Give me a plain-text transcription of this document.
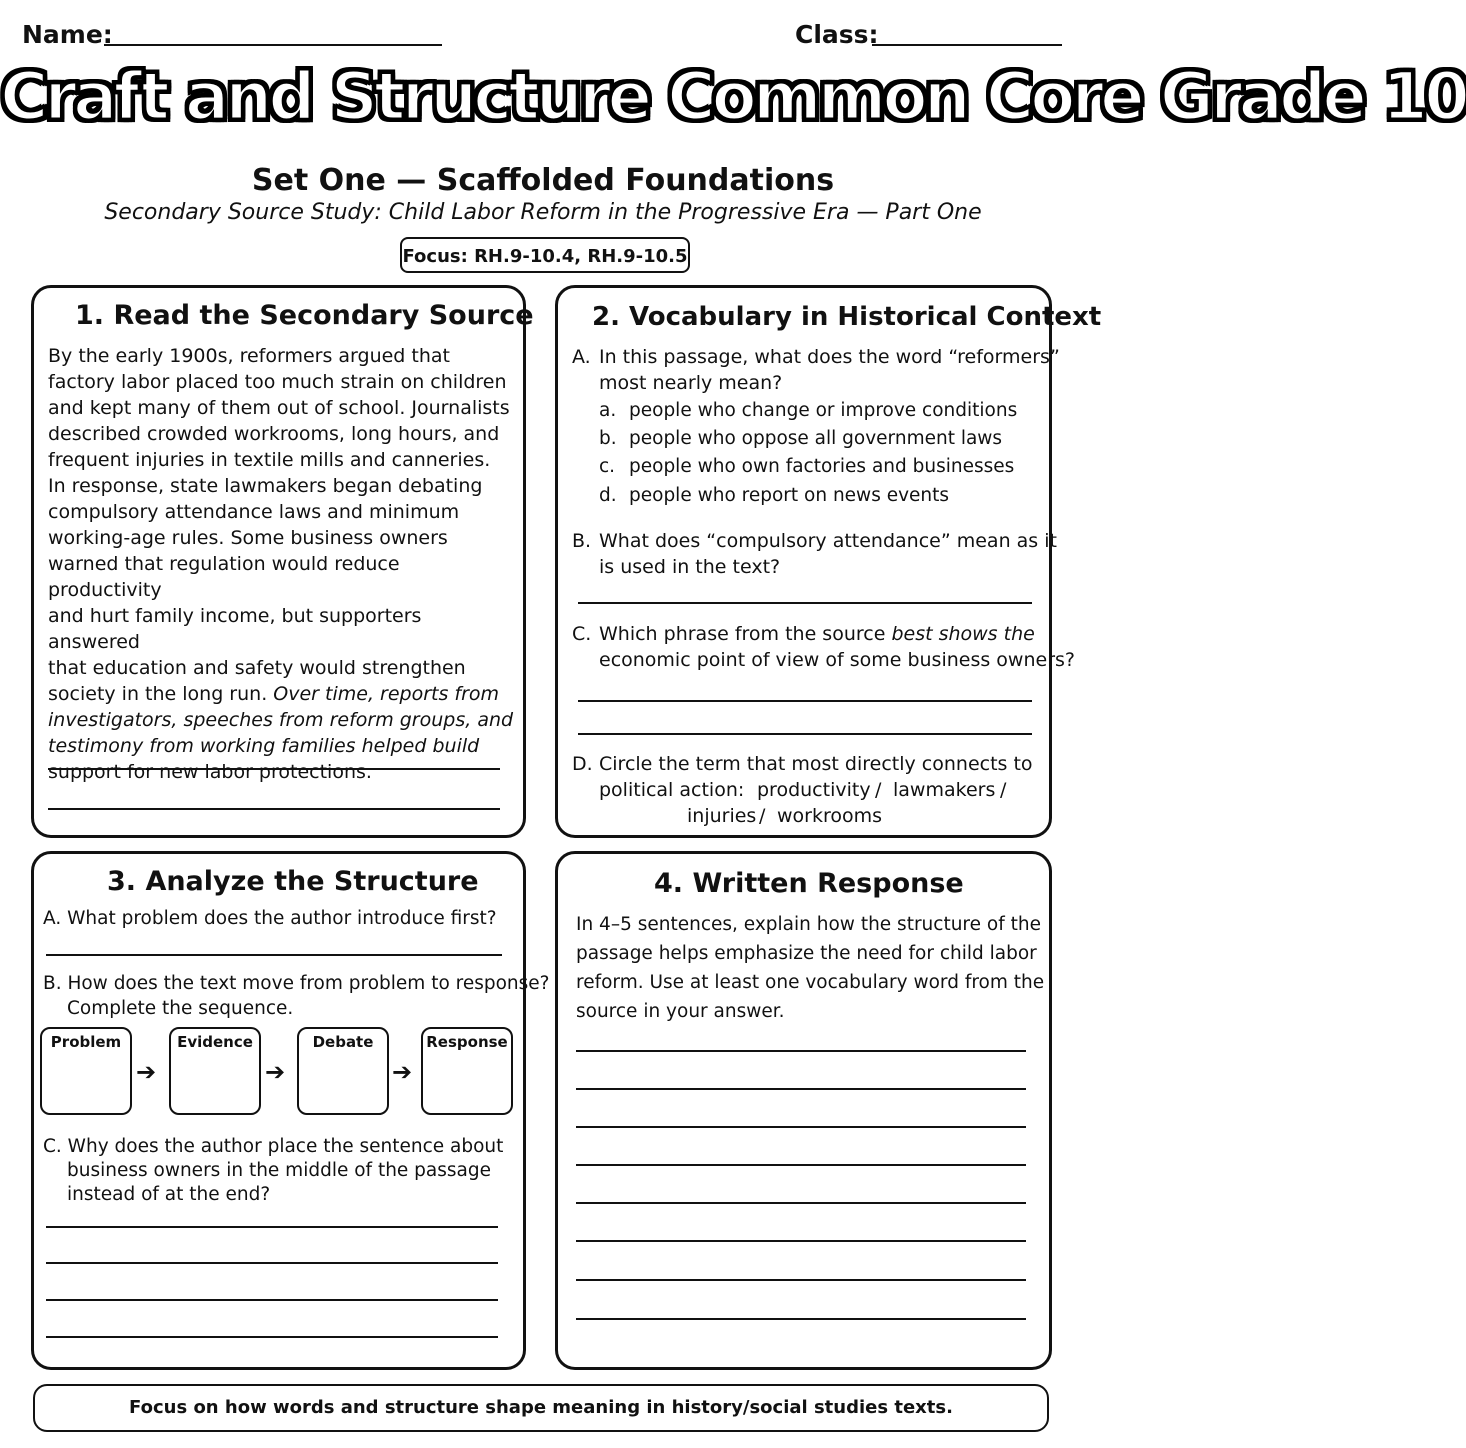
Name:	Class:
Craft and Structure Common Core Grade 10
Set One — Scaffolded Foundations
Secondary Source Study: Child Labor Reform in the Progressive Era — Part One
Focus: RH.9-10.4, RH.9-10.5
1. Read the Secondary Source
By the early 1900s, reformers argued that
factory labor placed too much strain on children
and kept many of them out of school. Journalists
described crowded workrooms, long hours, and
frequent injuries in textile mills and canneries.
In response, state lawmakers began debating
compulsory attendance laws and minimum
working-age rules. Some business owners
warned that regulation would reduce productivity
and hurt family income, but supporters answered
that education and safety would strengthen
society in the long run. Over time, reports from
investigators, speeches from reform groups, and
testimony from working families helped build
support for new labor protections.
2. Vocabulary in Historical Context
A. In this passage, what does the word “reformers”
most nearly mean?
a. people who change or improve conditions
b. people who oppose all government laws
c. people who own factories and businesses
d. people who report on news events
B. What does “compulsory attendance” mean as it
is used in the text?
C. Which phrase from the source best shows the
economic point of view of some business owners?
D. Circle the term that most directly connects to
political action: productivity / lawmakers /
injuries / workrooms
3. Analyze the Structure
A. What problem does the author introduce first?
B. How does the text move from problem to response?
Complete the sequence.
Problem
➔
Evidence
➔
Debate
➔
Response
C. Why does the author place the sentence about
business owners in the middle of the passage
instead of at the end?
4. Written Response
In 4–5 sentences, explain how the structure of the
passage helps emphasize the need for child labor
reform. Use at least one vocabulary word from the
source in your answer.
Focus on how words and structure shape meaning in history/social studies texts.
